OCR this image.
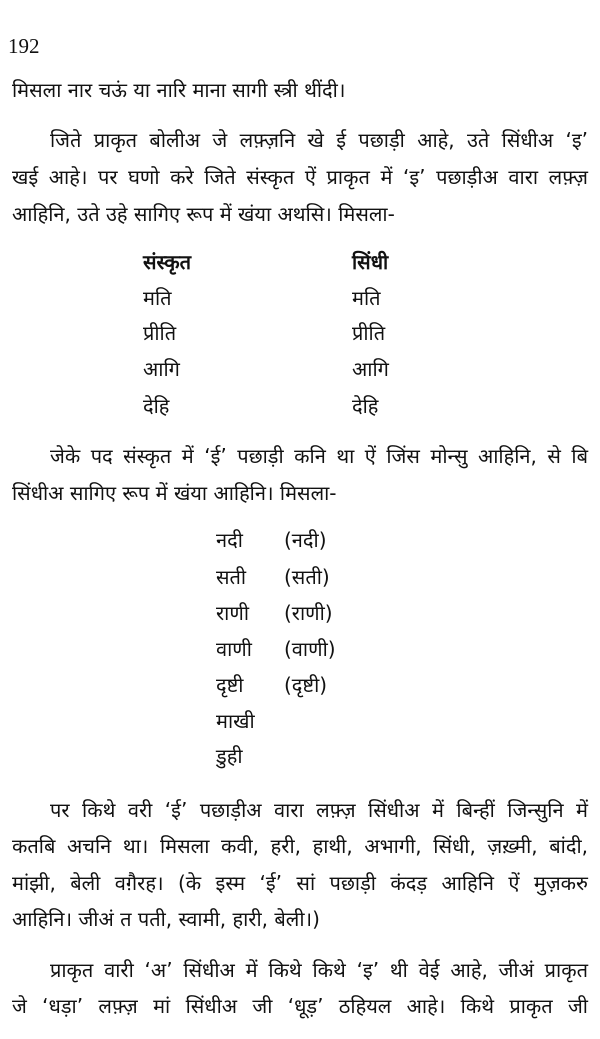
192
मिसला नार चऊं या नारि माना सागी स्त्री थींदी।
जिते प्राकृत बोलीअ जे लफ़्ज़नि खे ई पछाड़ी आहे, उते सिंधीअ ‘इ’
खई आहे। पर घणो करे जिते संस्कृत ऐं प्राकृत में ‘इ’ पछाड़ीअ वारा लफ़्ज़
आहिनि, उते उहे सागिए रूप में खंया अथसि। मिसला-
संस्कृत	सिंधी
मति	मति
प्रीति	प्रीति
आगि	आगि
देहि	देहि
जेके पद संस्कृत में ‘ई’ पछाड़ी कनि था ऐं जिंस मोन्सु आहिनि, से बि
सिंधीअ सागिए रूप में खंया आहिनि। मिसला-
नदी (नदी)
सती (सती)
राणी (राणी)
वाणी (वाणी)
दृष्टी (दृष्टी)
माखी
डुही
पर किथे वरी ‘ई’ पछाड़ीअ वारा लफ़्ज़ सिंधीअ में बिन्हीं जिन्सुनि में
कतबि अचनि था। मिसला कवी, हरी, हाथी, अभागी, सिंधी, ज़ख़्मी, बांदी,
मांझी, बेली वग़ैरह। (के इस्म ‘ई’ सां पछाड़ी कंदड़ आहिनि ऐं मुज़करु
आहिनि। जीअं त पती, स्वामी, हारी, बेली।)
प्राकृत वारी ‘अ’ सिंधीअ में किथे किथे ‘इ’ थी वेई आहे, जीअं प्राकृत
जे ‘धड़ा’ लफ़्ज़ मां सिंधीअ जी ‘धूड़’ ठहियल आहे। किथे प्राकृत जी
